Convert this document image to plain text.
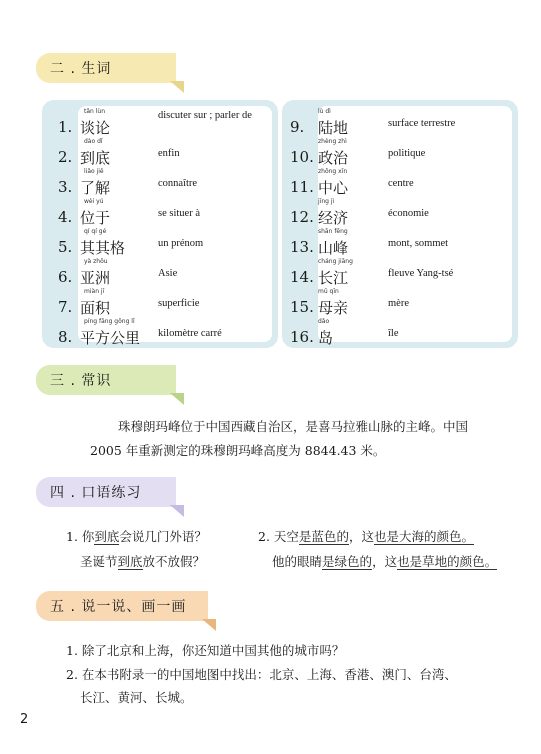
二 . 生词
1.
tǎn lùn
谈论
discuter sur ; parler de
2.
dào dǐ
到底	enfin
3.
liǎo jiě
了解	connaître
4.
wèi yú
位于	se situer à
5.
qí qí gé
其其格	un prénom
6.
yà zhōu
亚洲	Asie
7.
miàn jī
面积	superficie
8.
píng fāng gōng lǐ
平方公里 kilomètre carré
9.
lù dì
陆地	surface terrestre
10.
zhèng zhì
政治	politique
11.
zhōng xīn
中心	centre
12.
jīng jì
经济	économie
13.
shān fēng
山峰	mont, sommet
14.
cháng jiāng
长江	fleuve Yang-tsé
15.
mǔ qīn
母亲	mère
16.
dǎo
岛	île
三 . 常识
珠穆朗玛峰位于中国西藏自治区，是喜马拉雅山脉的主峰。中国
2005 年重新测定的珠穆朗玛峰高度为 8844.43 米。
四 . 口语练习
1. 你到底会说几门外语？
圣诞节到底放不放假？
2. 天空是蓝色的，这也是大海的颜色。
他的眼睛是绿色的，这也是草地的颜色。
五 . 说一说、画一画
1. 除了北京和上海，你还知道中国其他的城市吗？
2. 在本书附录一的中国地图中找出：北京、上海、香港、澳门、台湾、
长江、黄河、长城。
2
